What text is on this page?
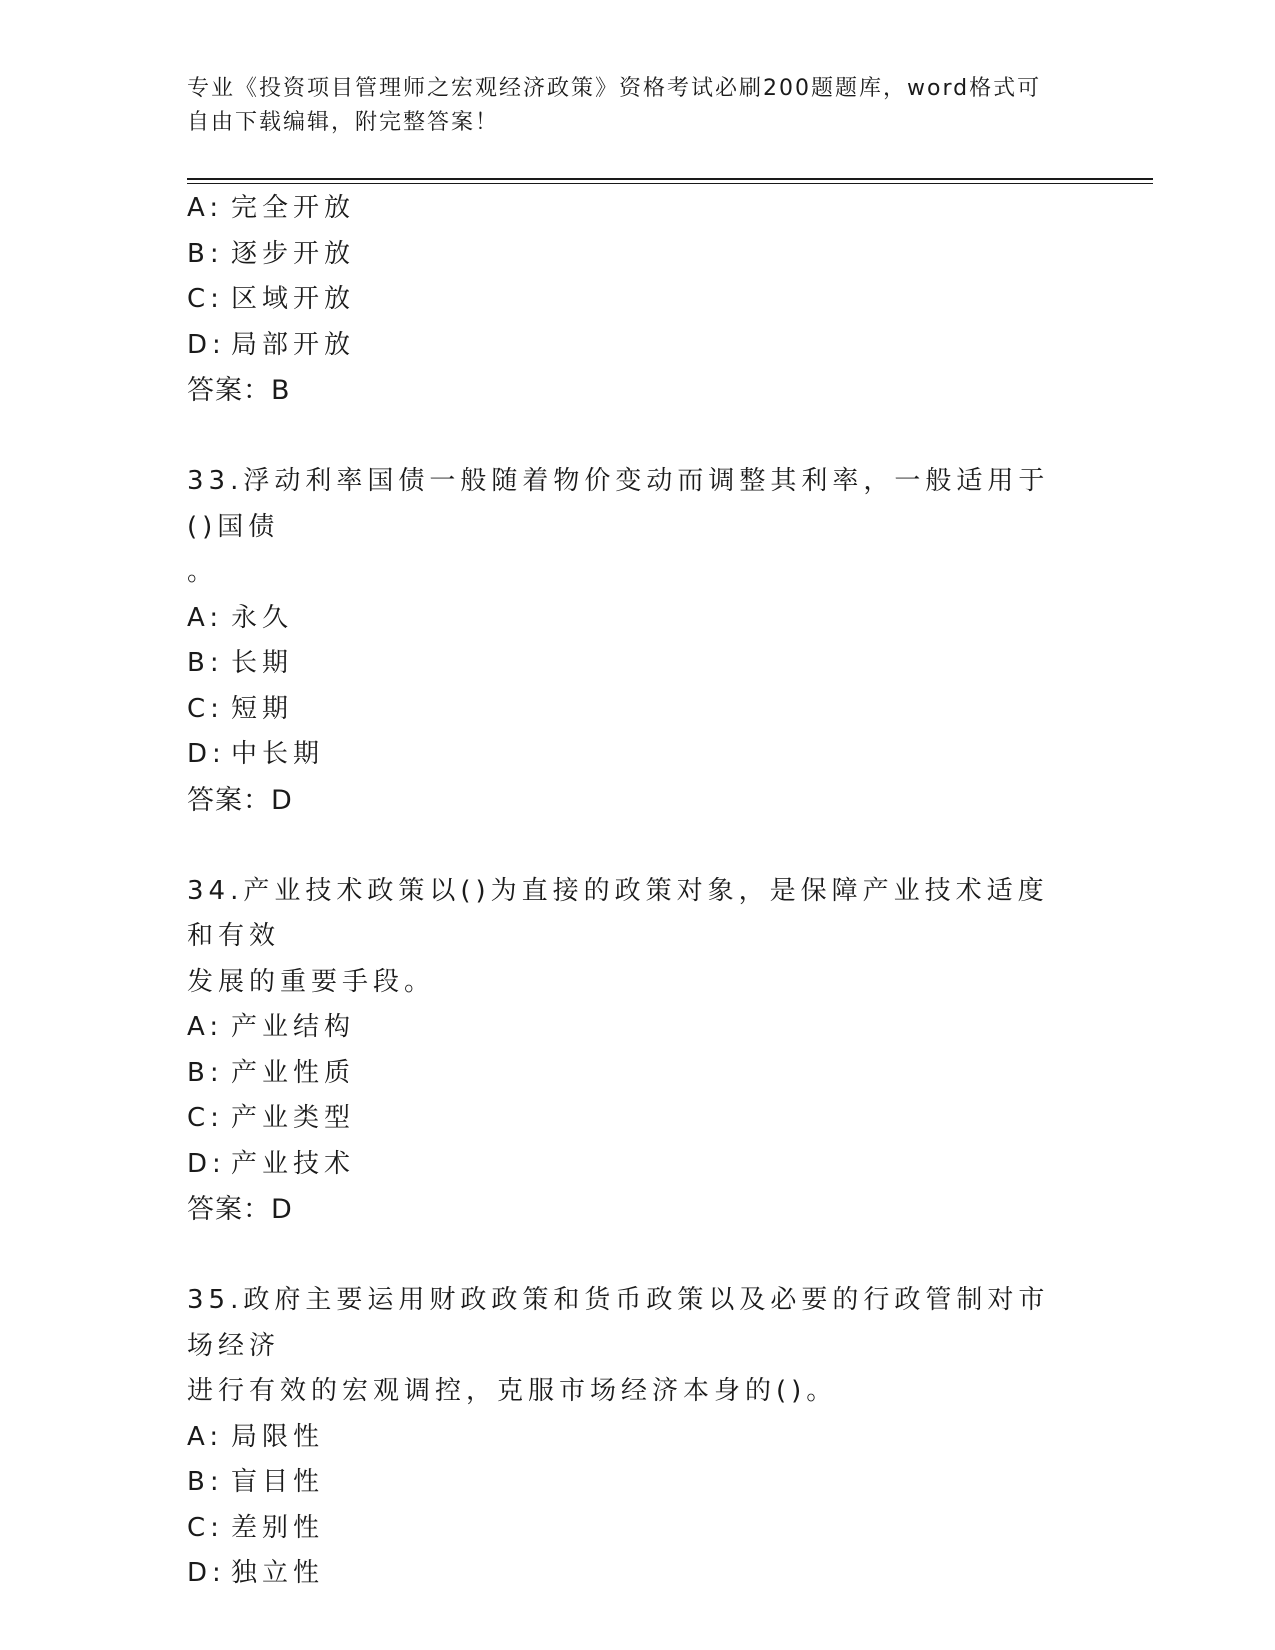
专业《投资项目管理师之宏观经济政策》资格考试必刷200题题库，word格式可
自由下载编辑，附完整答案！
A: 完全开放
B: 逐步开放
C: 区域开放
D: 局部开放
答案：B
33.浮动利率国债一般随着物价变动而调整其利率，一般适用于()国债
。
A: 永久
B: 长期
C: 短期
D: 中长期
答案：D
34.产业技术政策以()为直接的政策对象，是保障产业技术适度和有效
发展的重要手段。
A: 产业结构
B: 产业性质
C: 产业类型
D: 产业技术
答案：D
35.政府主要运用财政政策和货币政策以及必要的行政管制对市场经济
进行有效的宏观调控，克服市场经济本身的()。
A: 局限性
B: 盲目性
C: 差别性
D: 独立性
